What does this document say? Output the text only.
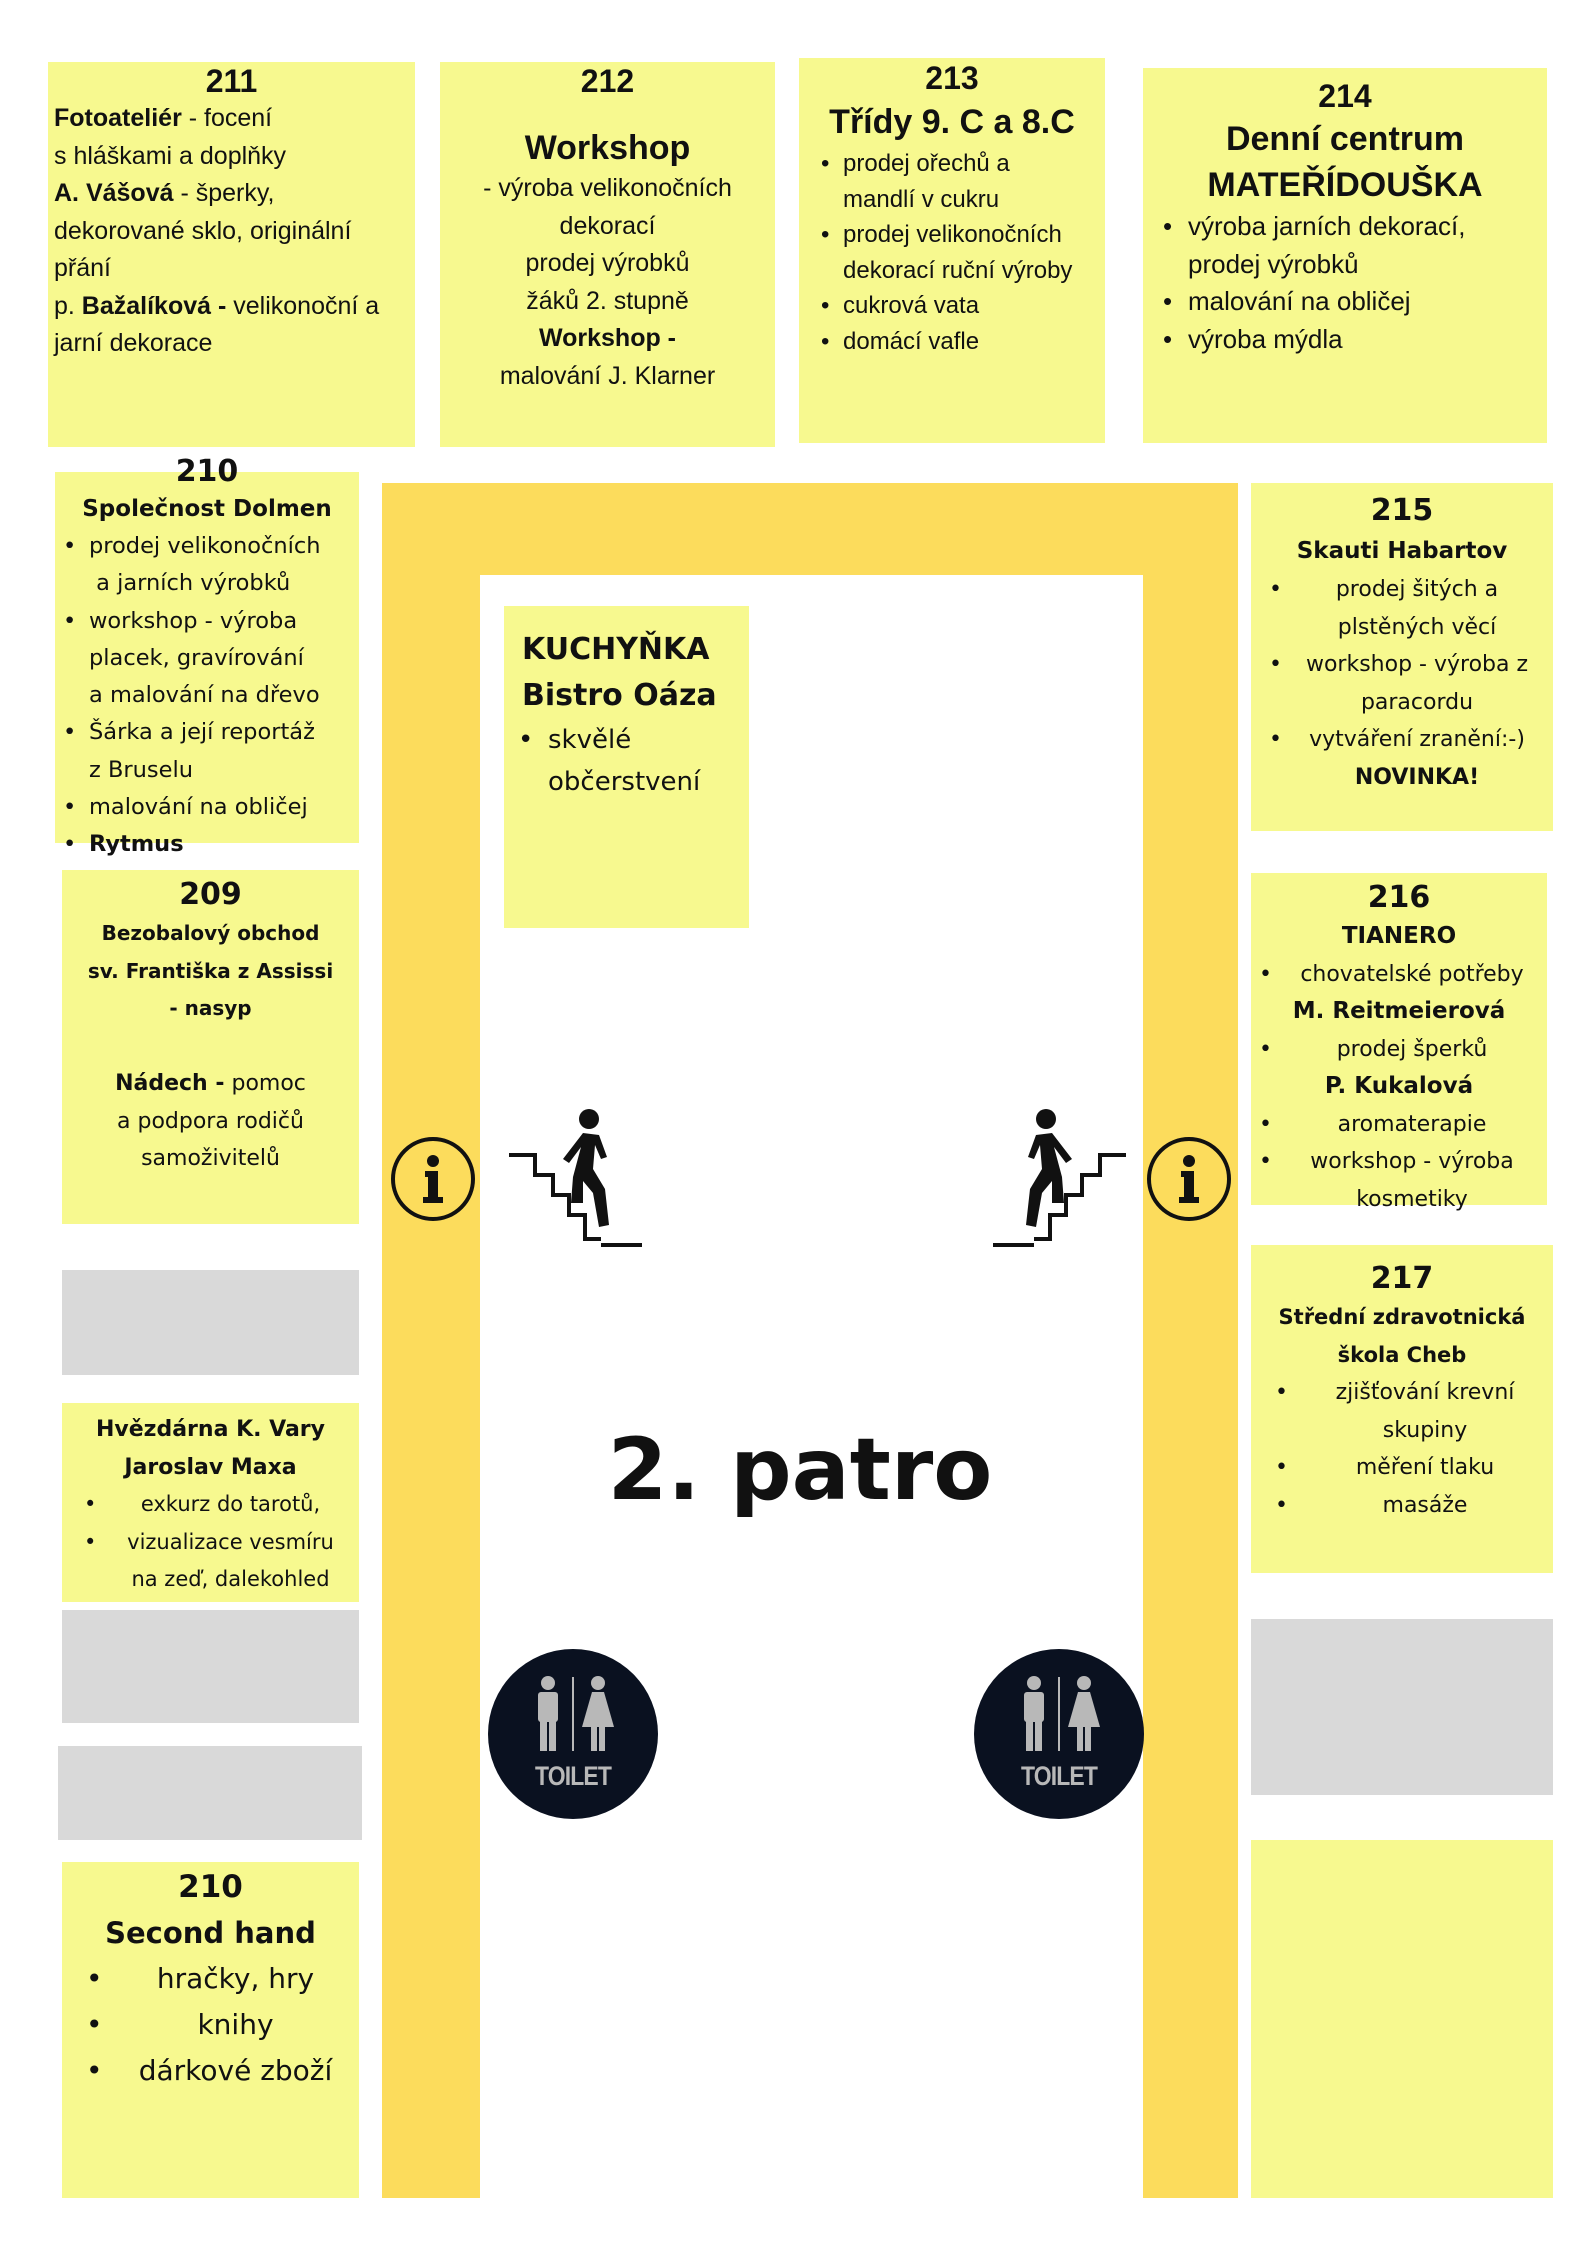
211
Fotoateliér - focení
s hláškami a doplňky
A. Vášová - šperky,
dekorované sklo, originální
přání
p. Bažalíková - velikonoční a
jarní dekorace
212
Workshop
- výroba velikonočních
dekorací
prodej výrobků
žáků 2. stupně
Workshop -
malování J. Klarner
213
Třídy 9. C a 8.C
• prodej ořechů a
mandlí v cukru
• prodej velikonočních
dekorací ruční výroby
• cukrová vata
• domácí vafle
214
Denní centrum
MATEŘÍDOUŠKA
• výroba jarních dekorací,
prodej výrobků
• malování na obličej
• výroba mýdla
210
Společnost Dolmen
• prodej velikonočních
a jarních výrobků
• workshop - výroba
placek, gravírování
a malování na dřevo
• Šárka a její reportáž
z Bruselu
• malování na obličej
• Rytmus
KUCHYŇKA
Bistro Oáza
• skvělé
občerstvení
215
Skauti Habartov
• prodej šitých a
plstěných věcí
• workshop - výroba z
paracordu
• vytváření zranění:-)
NOVINKA!
209
Bezobalový obchod
sv. Františka z Assissi
- nasyp

Nádech - pomoc
a podpora rodičů
samoživitelů
216
TIANERO
• chovatelské potřeby
M. Reitmeierová
•	prodej šperků
P. Kukalová
•	aromaterapie
• workshop - výroba
kosmetiky
Hvězdárna K. Vary
Jaroslav Maxa
• exkurz do tarotů,
• vizualizace vesmíru
na zeď, dalekohled
210
Second hand
• hračky, hry
•	knihy
• dárkové zboží
217
Střední zdravotnická
škola Cheb
• zjišťování krevní
skupiny
•	měření tlaku
•	masáže
2. patro
TOILET	TOILET
